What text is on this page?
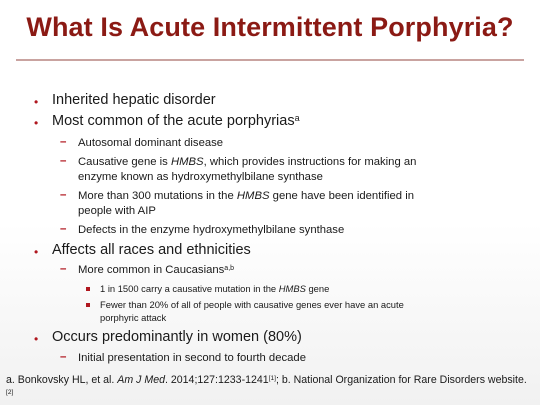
What Is Acute Intermittent Porphyria?
• Inherited hepatic disorder
• Most common of the acute porphyrias$^a$
– Autosomal dominant disease
– Causative gene is HMBS, which provides instructions for making an
enzyme known as hydroxymethylbilane synthase
– More than 300 mutations in the HMBS gene have been identified in
people with AIP
– Defects in the enzyme hydroxymethylbilane synthase
• Affects all races and ethnicities
– More common in Caucasians$^{a,b}$
1 in 1500 carry a causative mutation in the HMBS gene
Fewer than 20% of all of people with causative genes ever have an acute
porphyric attack
• Occurs predominantly in women (80%)
– Initial presentation in second to fourth decade
a. Bonkovsky HL, et al. Am J Med. 2014;127:1233-1241[1]; b. National Organization for Rare Disorders website.[2]
